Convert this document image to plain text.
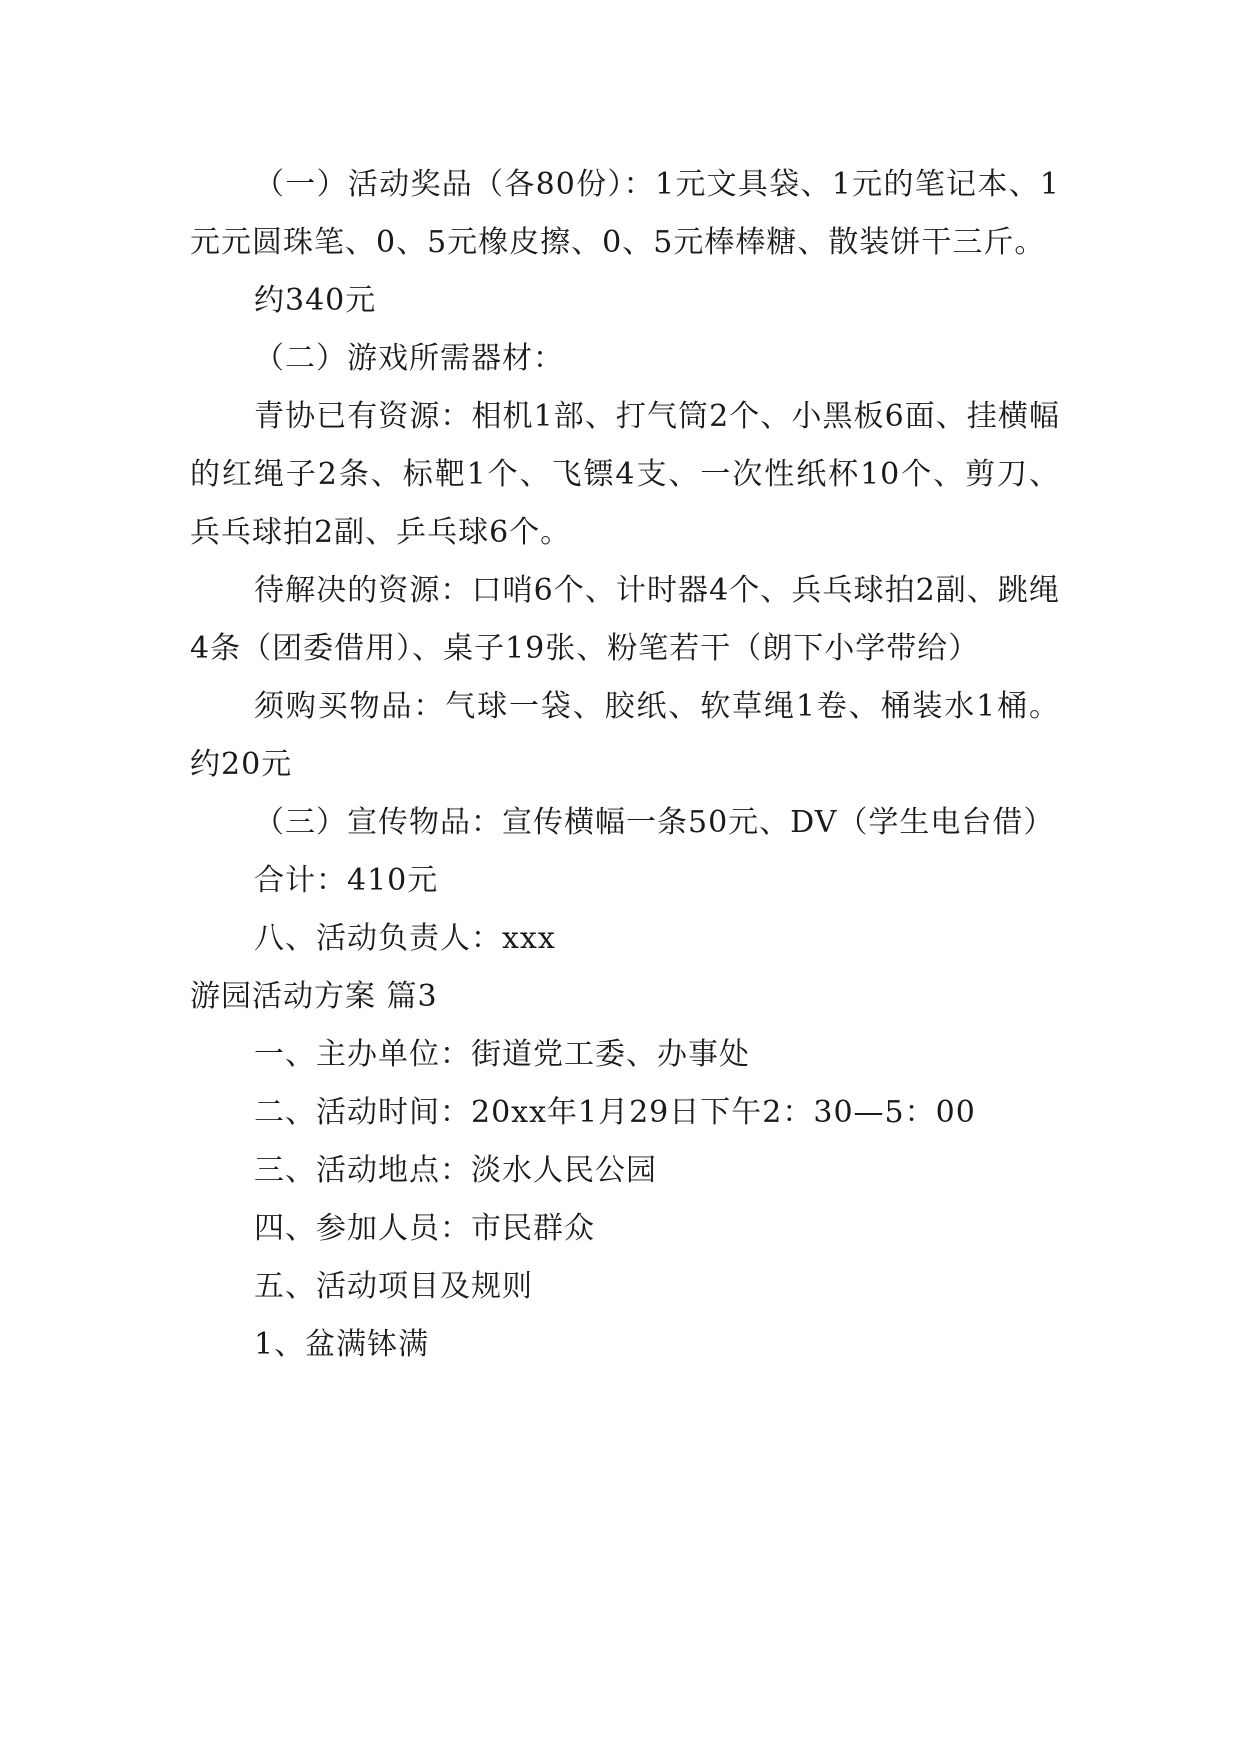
（一）活动奖品（各80份）：1元文具袋、1元的笔记本、1元元圆珠笔、0、5元橡皮擦、0、5元棒棒糖、散装饼干三斤。

约340元

（二）游戏所需器材：

青协已有资源：相机1部、打气筒2个、小黑板6面、挂横幅的红绳子2条、标靶1个、飞镖4支、一次性纸杯10个、剪刀、兵乓球拍2副、乒乓球6个。

待解决的资源：口哨6个、计时器4个、兵乓球拍2副、跳绳4条（团委借用）、桌子19张、粉笔若干（朗下小学带给）

须购买物品：气球一袋、胶纸、软草绳1卷、桶装水1桶。约20元

（三）宣传物品：宣传横幅一条50元、DV（学生电台借）

合计：410元

八、活动负责人：xxx

游园活动方案 篇3

一、主办单位：街道党工委、办事处

二、活动时间：20xx年1月29日下午2：30—5：00

三、活动地点：淡水人民公园

四、参加人员：市民群众

五、活动项目及规则

1、盆满钵满
